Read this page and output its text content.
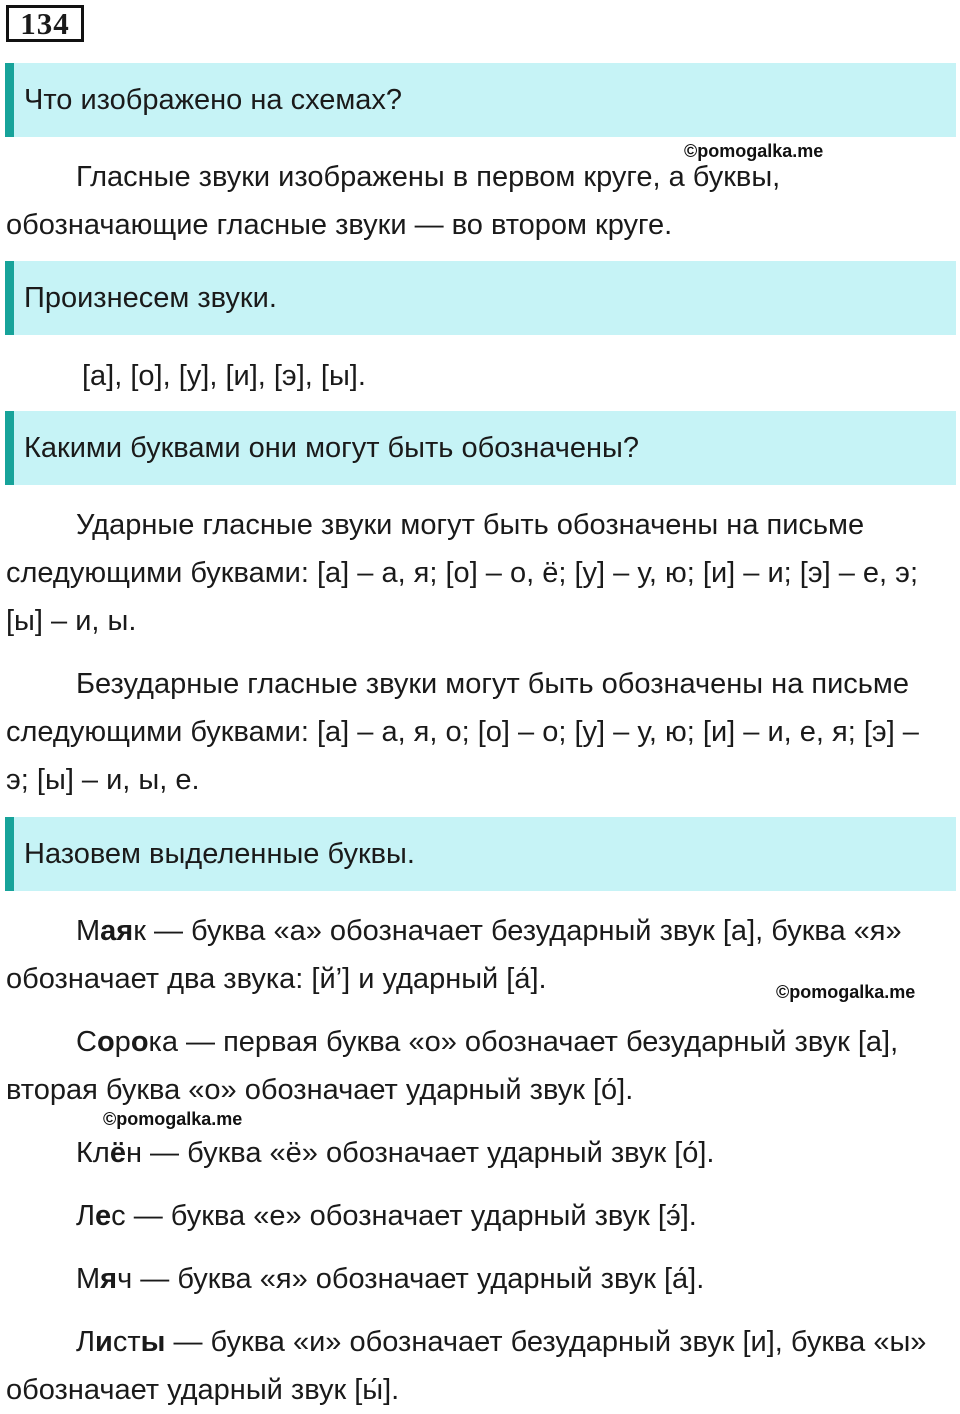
134
Что изображено на схемах?
©pomogalka.me

Гласные звуки изображены в первом круге, а буквы, обозначающие гласные звуки — во втором круге.

Произнесем звуки.

[а], [о], [у], [и], [э], [ы].

Какими буквами они могут быть обозначены?

Ударные гласные звуки могут быть обозначены на письме следующими буквами: [а] – а, я; [о] – о, ё; [у] – у, ю; [и] – и; [э] – е, э; [ы] – и, ы.

Безударные гласные звуки могут быть обозначены на письме следующими буквами: [а] – а, я, о; [о] – о; [у] – у, ю; [и] – и, е, я; [э] – э; [ы] – и, ы, е.

Назовем выделенные буквы.

Маяк — буква «а» обозначает безударный звук [а], буква «я» обозначает два звука: [й’] и ударный [а́].	©pomogalka.me

Сорока — первая буква «о» обозначает безударный звук [а], вторая буква «о» обозначает ударный звук [о́].

©pomogalka.me

Клён — буква «ё» обозначает ударный звук [о́].

Лес — буква «е» обозначает ударный звук [э́].

Мяч — буква «я» обозначает ударный звук [а́].

Листы — буква «и» обозначает безударный звук [и], буква «ы» обозначает ударный звук [ы́].
